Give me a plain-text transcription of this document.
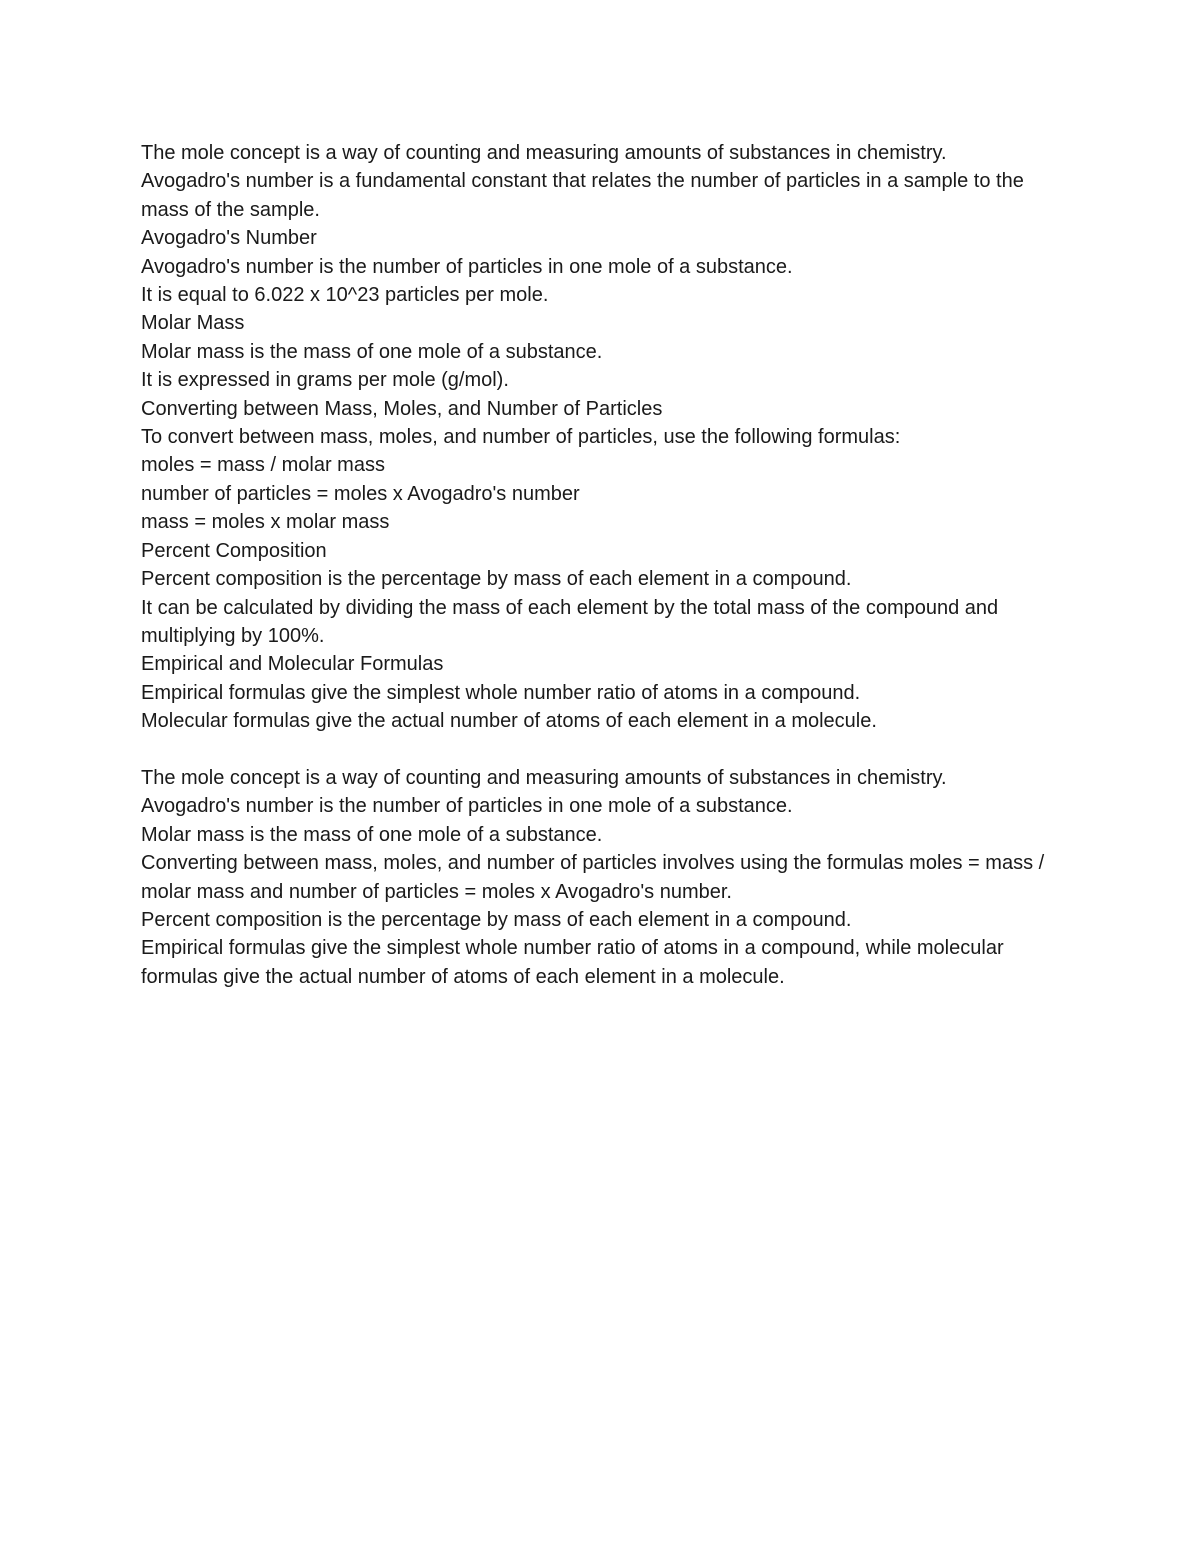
The mole concept is a way of counting and measuring amounts of substances in chemistry.

Avogadro's number is a fundamental constant that relates the number of particles in a sample to the mass of the sample.

Avogadro's Number

Avogadro's number is the number of particles in one mole of a substance.

It is equal to 6.022 x 10^23 particles per mole.

Molar Mass

Molar mass is the mass of one mole of a substance.

It is expressed in grams per mole (g/mol).

Converting between Mass, Moles, and Number of Particles

To convert between mass, moles, and number of particles, use the following formulas:

moles = mass / molar mass

number of particles = moles x Avogadro's number

mass = moles x molar mass

Percent Composition

Percent composition is the percentage by mass of each element in a compound.

It can be calculated by dividing the mass of each element by the total mass of the compound and multiplying by 100%.

Empirical and Molecular Formulas

Empirical formulas give the simplest whole number ratio of atoms in a compound.

Molecular formulas give the actual number of atoms of each element in a molecule.

The mole concept is a way of counting and measuring amounts of substances in chemistry.

Avogadro's number is the number of particles in one mole of a substance.

Molar mass is the mass of one mole of a substance.

Converting between mass, moles, and number of particles involves using the formulas moles = mass / molar mass and number of particles = moles x Avogadro's number.

Percent composition is the percentage by mass of each element in a compound.

Empirical formulas give the simplest whole number ratio of atoms in a compound, while molecular formulas give the actual number of atoms of each element in a molecule.
